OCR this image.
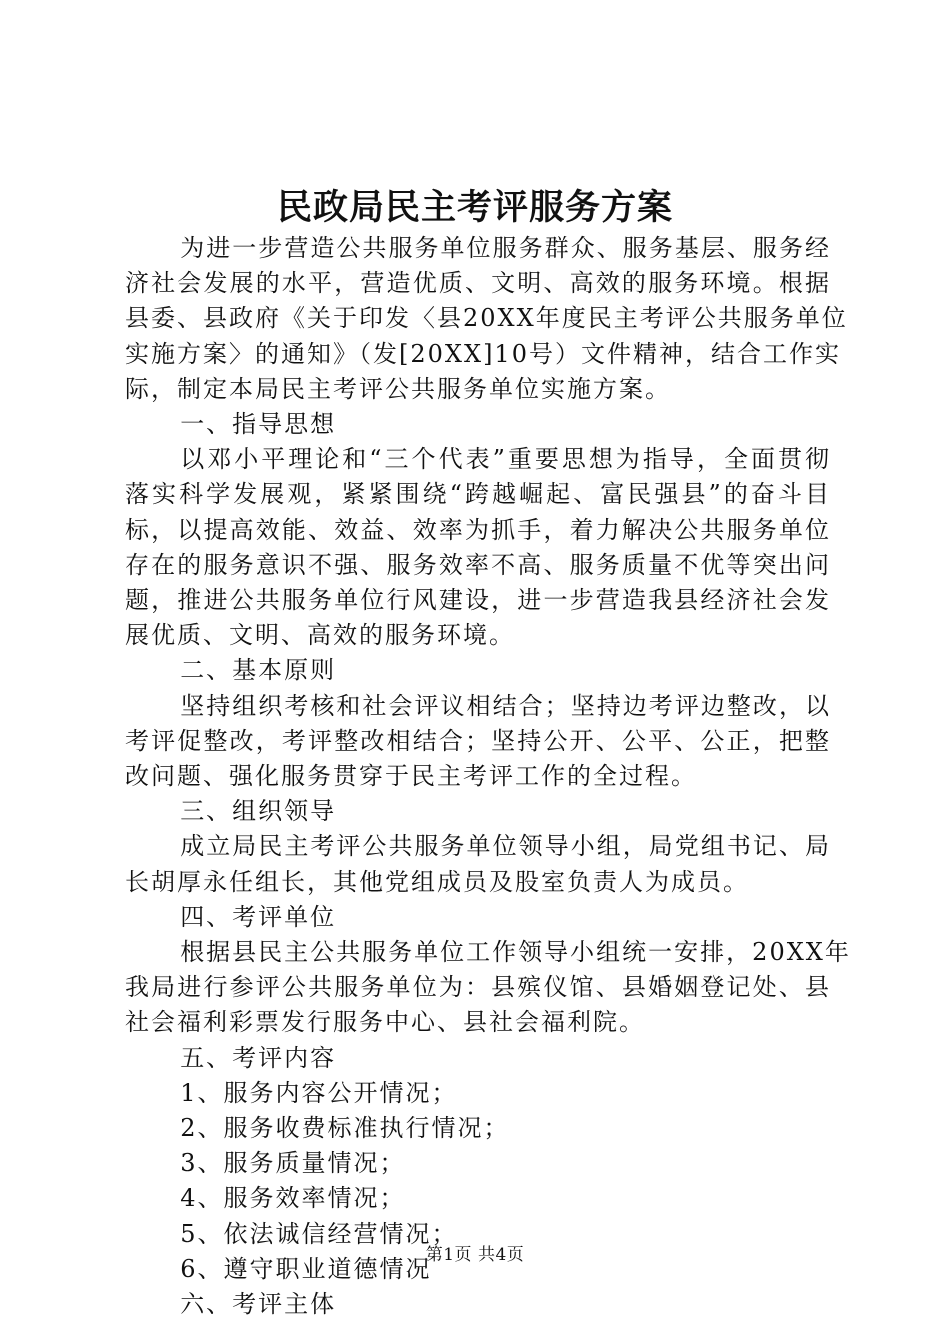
民政局民主考评服务方案

为进一步营造公共服务单位服务群众、服务基层、服务经
济社会发展的水平，营造优质、文明、高效的服务环境。根据
县委、县政府《关于印发〈县20XX年度民主考评公共服务单位
实施方案〉的通知》（发[20XX]10号）文件精神，结合工作实
际，制定本局民主考评公共服务单位实施方案。

一、指导思想

以邓小平理论和“三个代表”重要思想为指导，全面贯彻
落实科学发展观，紧紧围绕“跨越崛起、富民强县”的奋斗目
标，以提高效能、效益、效率为抓手，着力解决公共服务单位
存在的服务意识不强、服务效率不高、服务质量不优等突出问
题，推进公共服务单位行风建设，进一步营造我县经济社会发
展优质、文明、高效的服务环境。

二、基本原则

坚持组织考核和社会评议相结合；坚持边考评边整改，以
考评促整改，考评整改相结合；坚持公开、公平、公正，把整
改问题、强化服务贯穿于民主考评工作的全过程。

三、组织领导

成立局民主考评公共服务单位领导小组，局党组书记、局
长胡厚永任组长，其他党组成员及股室负责人为成员。

四、考评单位

根据县民主公共服务单位工作领导小组统一安排，20XX年
我局进行参评公共服务单位为：县殡仪馆、县婚姻登记处、县
社会福利彩票发行服务中心、县社会福利院。

五、考评内容

1、服务内容公开情况；

2、服务收费标准执行情况；

3、服务质量情况；

4、服务效率情况；

5、依法诚信经营情况；

6、遵守职业道德情况

六、考评主体

第1页 共4页
